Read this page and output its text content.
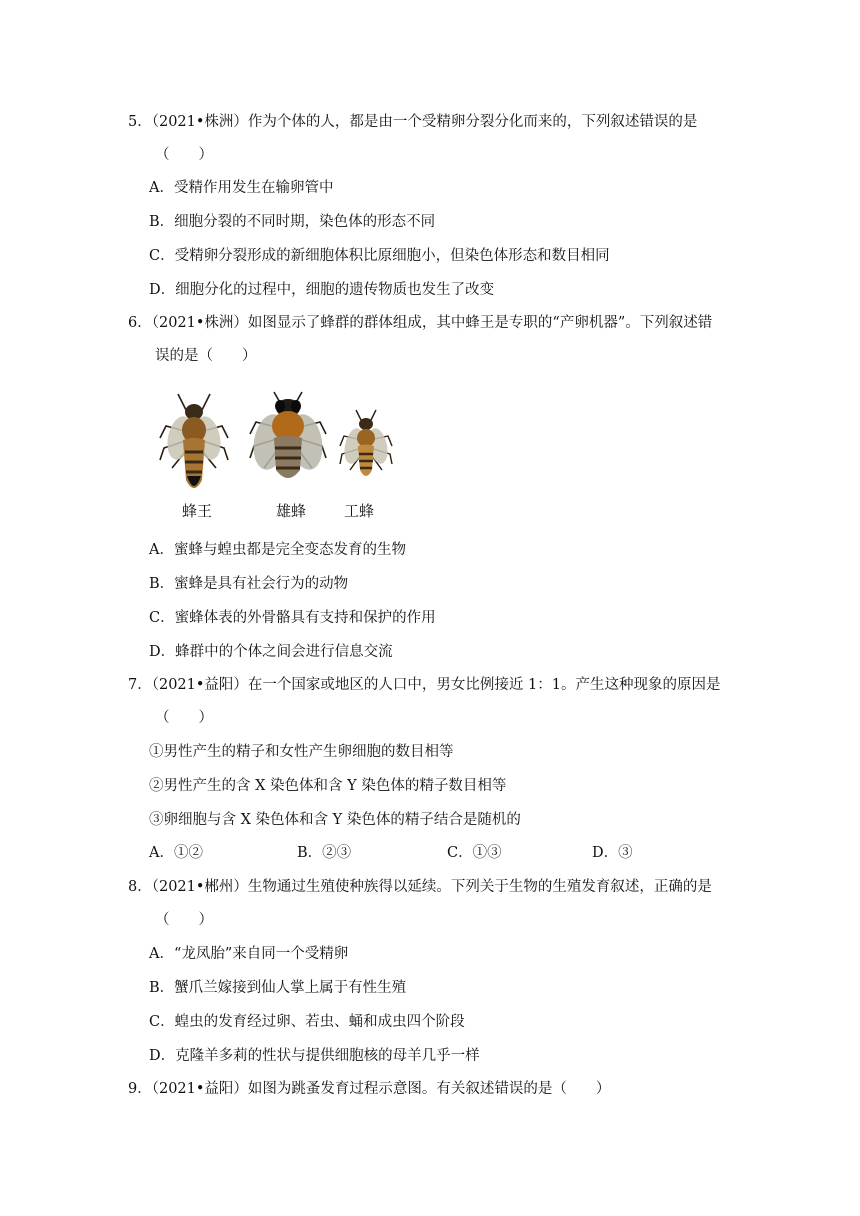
5．（2021•株洲）作为个体的人，都是由一个受精卵分裂分化而来的，下列叙述错误的是
（　　）
A．受精作用发生在输卵管中
B．细胞分裂的不同时期，染色体的形态不同
C．受精卵分裂形成的新细胞体积比原细胞小，但染色体形态和数目相同
D．细胞分化的过程中，细胞的遗传物质也发生了改变
6．（2021•株洲）如图显示了蜂群的群体组成，其中蜂王是专职的“产卵机器”。下列叙述错
误的是（　　）
蜂王	雄蜂	工蜂
A．蜜蜂与蝗虫都是完全变态发育的生物
B．蜜蜂是具有社会行为的动物
C．蜜蜂体表的外骨骼具有支持和保护的作用
D．蜂群中的个体之间会进行信息交流
7．（2021•益阳）在一个国家或地区的人口中，男女比例接近 1：1。产生这种现象的原因是
（　　）
①男性产生的精子和女性产生卵细胞的数目相等
②男性产生的含 X 染色体和含 Y 染色体的精子数目相等
③卵细胞与含 X 染色体和含 Y 染色体的精子结合是随机的
A．①②	B．②③	C．①③	D．③
8．（2021•郴州）生物通过生殖使种族得以延续。下列关于生物的生殖发育叙述，正确的是
（　　）
A．“龙凤胎”来自同一个受精卵
B．蟹爪兰嫁接到仙人掌上属于有性生殖
C．蝗虫的发育经过卵、若虫、蛹和成虫四个阶段
D．克隆羊多莉的性状与提供细胞核的母羊几乎一样
9．（2021•益阳）如图为跳蚤发育过程示意图。有关叙述错误的是（　　）
